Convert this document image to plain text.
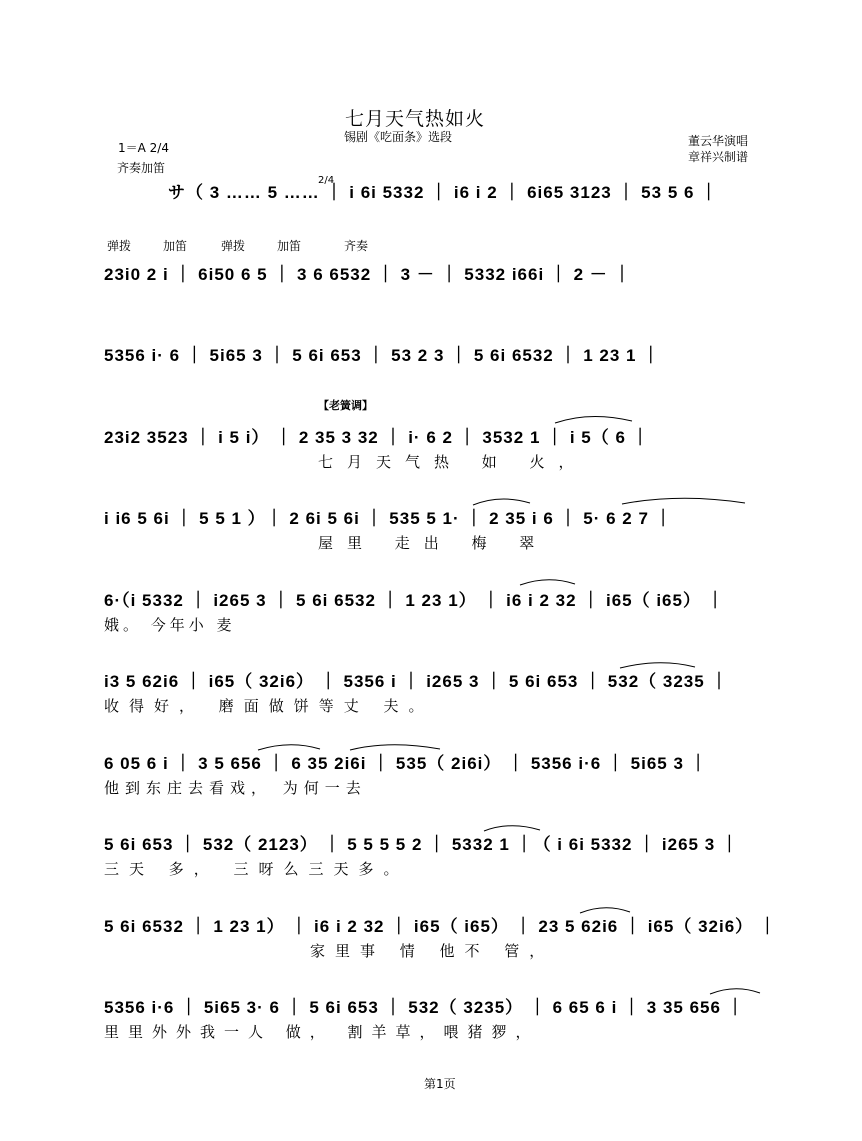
七月天气热如火
锡剧《吃面条》选段
1＝A 2/4	董云华演唱
章祥兴制谱
齐奏加笛
弹拨	加笛	弹拨	加笛	齐奏
【老簧调】
2/4
サ（ 3 …… 5 …… ｜ i 6i 5332 ｜ i6 i 2 ｜ 6i65 3123 ｜ 53 5 6 ｜
23i0 2 i ｜ 6i50 6 5 ｜ 3 6 6532 ｜ 3 － ｜ 5332 i66i ｜ 2 － ｜
5356 i· 6 ｜ 5i65 3 ｜ 5 6i 653 ｜ 53 2 3 ｜ 5 6i 6532 ｜ 1 23 1 ｜
23i2 3523 ｜ i 5 i） ｜ 2 35 3 32 ｜ i· 6 2 ｜ 3532 1 ｜ i 5（ 6 ｜
七月天气热 如 火，
i i6 5 6i ｜ 5 5 1 ）｜ 2 6i 5 6i ｜ 535 5 1· ｜ 2 35 i 6 ｜ 5· 6 2 7 ｜
屋里 走出 梅 翠
6·（i 5332 ｜ i265 3 ｜ 5 6i 6532 ｜ 1 23 1） ｜ i6 i 2 32 ｜ i65（ i65） ｜
娥。 今年小 麦
i3 5 62i6 ｜ i65（ 32i6） ｜ 5356 i ｜ i265 3 ｜ 5 6i 653 ｜ 532（ 3235 ｜
收得好， 磨面做饼等丈 夫。
6 05 6 i ｜ 3 5 656 ｜ 6 35 2i6i ｜ 535（ 2i6i） ｜ 5356 i·6 ｜ 5i65 3 ｜
他到东庄去看戏， 为何一去
5 6i 653 ｜ 532（ 2123） ｜ 5 5 5 5 2 ｜ 5332 1 ｜（ i 6i 5332 ｜ i265 3 ｜
三天 多， 三呀么三天多。
5 6i 6532 ｜ 1 23 1） ｜ i6 i 2 32 ｜ i65（ i65） ｜ 23 5 62i6 ｜ i65（ 32i6） ｜
家里事 情 他不 管，
5356 i·6 ｜ 5i65 3· 6 ｜ 5 6i 653 ｜ 532（ 3235） ｜ 6 65 6 i ｜ 3 35 656 ｜
里里外外我一人 做， 割羊草，喂猪猡，
第1页
